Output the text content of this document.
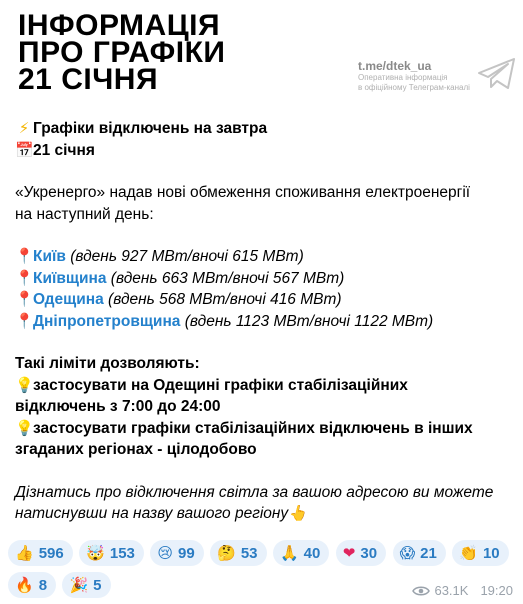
ІНФОРМАЦІЯ
ПРО ГРАФІКИ
21 СІЧНЯ	t.me/dtek_ua
Оперативна інформація
в офіційному Телеграм-каналі
⚡ Графіки відключень на завтра
📅21 січня
«Укренерго» надав нові обмеження споживання електроенергії
на наступний день:
📍Київ (вдень 927 МВт/вночі 615 МВт)
📍Київщина (вдень 663 МВт/вночі 567 МВт)
📍Одещина (вдень 568 МВт/вночі 416 МВт)
📍Дніпропетровщина (вдень 1123 МВт/вночі 1122 МВт)
Такі ліміти дозволяють:
💡застосувати на Одещині графіки стабілізаційних
відключень з 7:00 до 24:00
💡застосувати графіки стабілізаційних відключень в інших
згаданих регіонах - цілодобово
Дізнатись про відключення світла за вашою адресою ви можете
натиснувши на назву вашого регіону👆
👍 596
🤯 153
😢 99
🤔 53
🙏 40
❤ 30
😱 21
👏 10

🔥 8
🎉 5	63.1K 19:20
